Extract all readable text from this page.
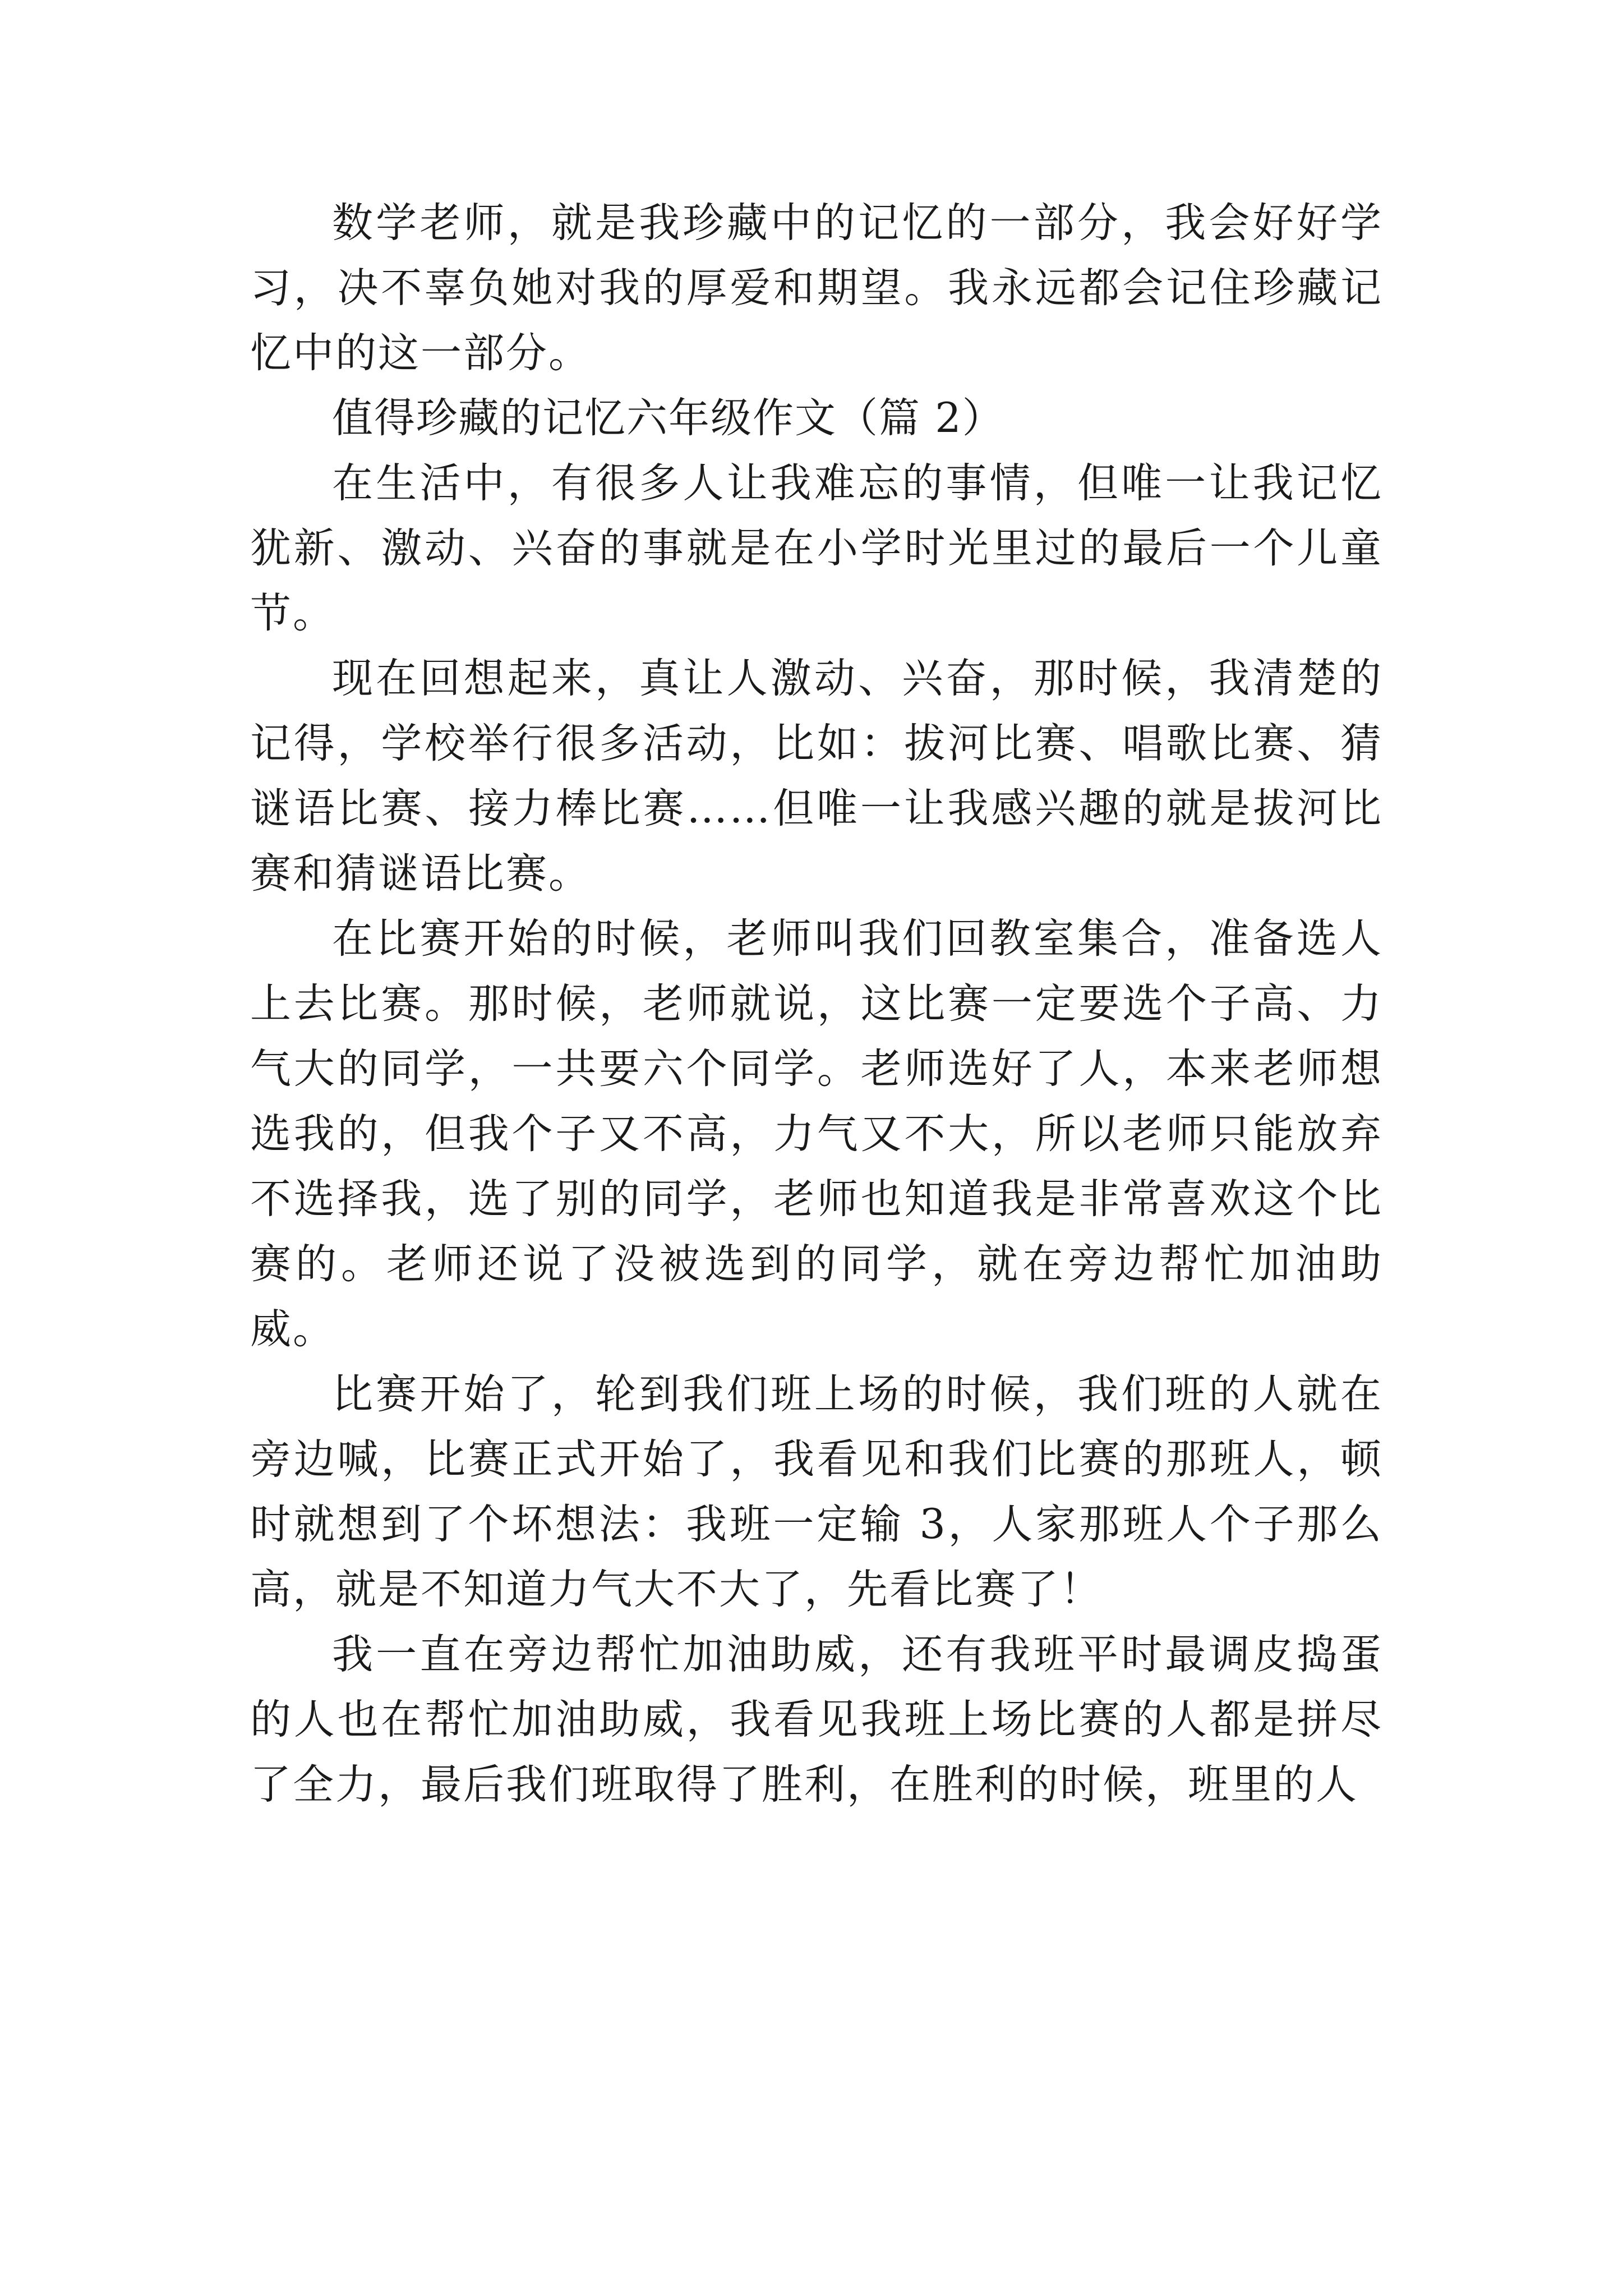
数学老师，就是我珍藏中的记忆的一部分，我会好好学习，决不辜负她对我的厚爱和期望。我永远都会记住珍藏记忆中的这一部分。

值得珍藏的记忆六年级作文（篇 2）

在生活中，有很多人让我难忘的事情，但唯一让我记忆犹新、激动、兴奋的事就是在小学时光里过的最后一个儿童节。

现在回想起来，真让人激动、兴奋，那时候，我清楚的记得，学校举行很多活动，比如：拔河比赛、唱歌比赛、猜谜语比赛、接力棒比赛……但唯一让我感兴趣的就是拔河比赛和猜谜语比赛。

在比赛开始的时候，老师叫我们回教室集合，准备选人上去比赛。那时候，老师就说，这比赛一定要选个子高、力气大的同学，一共要六个同学。老师选好了人，本来老师想选我的，但我个子又不高，力气又不大，所以老师只能放弃不选择我，选了别的同学，老师也知道我是非常喜欢这个比赛的。老师还说了没被选到的同学，就在旁边帮忙加油助威。

比赛开始了，轮到我们班上场的时候，我们班的人就在旁边喊，比赛正式开始了，我看见和我们比赛的那班人，顿时就想到了个坏想法：我班一定输 3，人家那班人个子那么高，就是不知道力气大不大了，先看比赛了！

我一直在旁边帮忙加油助威，还有我班平时最调皮捣蛋的人也在帮忙加油助威，我看见我班上场比赛的人都是拼尽了全力，最后我们班取得了胜利，在胜利的时候，班里的人
